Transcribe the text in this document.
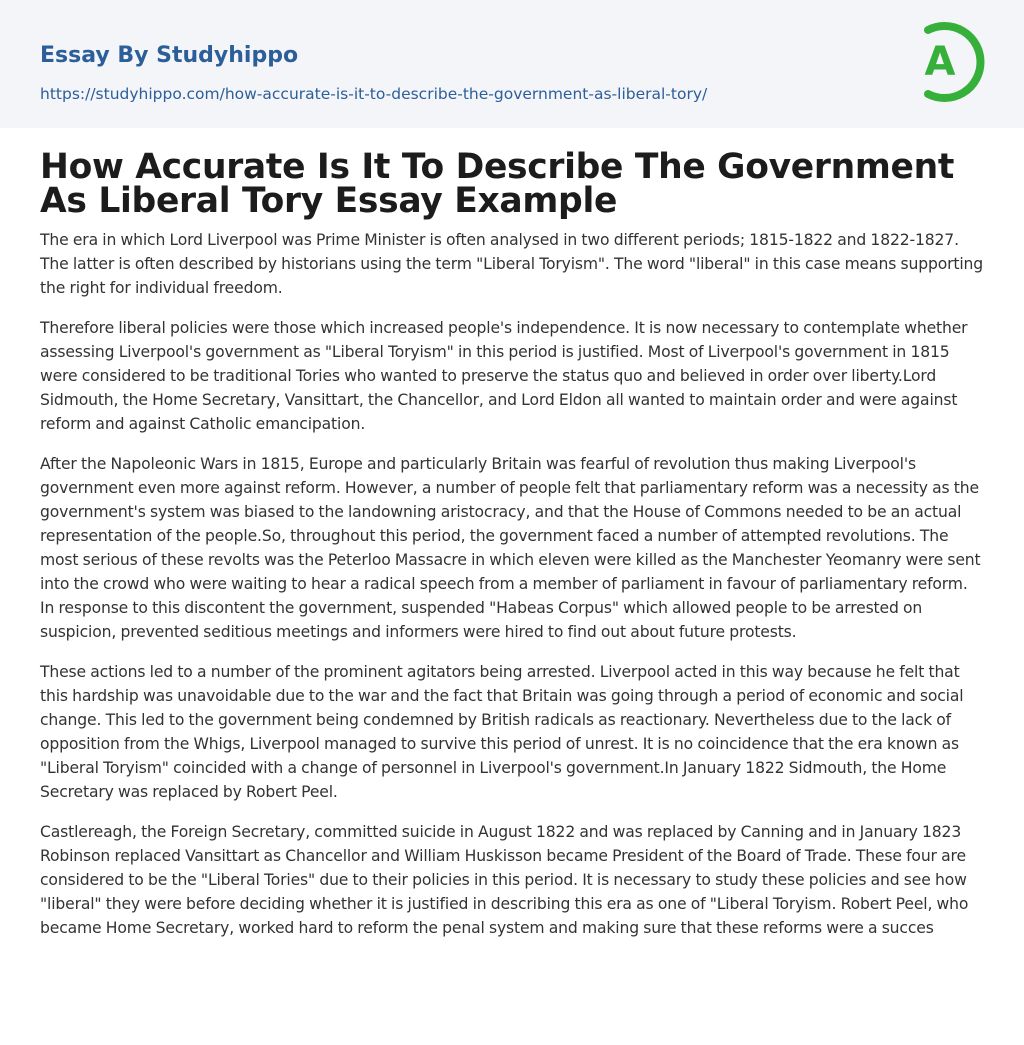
Essay By Studyhippo
https://studyhippo.com/how-accurate-is-it-to-describe-the-government-as-liberal-tory/
A
How Accurate Is It To Describe The Government As Liberal Tory Essay Example

The era in which Lord Liverpool was Prime Minister is often analysed in two different periods; 1815-1822 and 1822-1827. The latter is often described by historians using the term "Liberal Toryism". The word "liberal" in this case means supporting the right for individual freedom.

Therefore liberal policies were those which increased people's independence. It is now necessary to contemplate whether assessing Liverpool's government as "Liberal Toryism" in this period is justified. Most of Liverpool's government in 1815 were considered to be traditional Tories who wanted to preserve the status quo and believed in order over liberty.Lord Sidmouth, the Home Secretary, Vansittart, the Chancellor, and Lord Eldon all wanted to maintain order and were against reform and against Catholic emancipation.

After the Napoleonic Wars in 1815, Europe and particularly Britain was fearful of revolution thus making Liverpool's government even more against reform. However, a number of people felt that parliamentary reform was a necessity as the government's system was biased to the landowning aristocracy, and that the House of Commons needed to be an actual representation of the people.So, throughout this period, the government faced a number of attempted revolutions. The most serious of these revolts was the Peterloo Massacre in which eleven were killed as the Manchester Yeomanry were sent into the crowd who were waiting to hear a radical speech from a member of parliament in favour of parliamentary reform. In response to this discontent the government, suspended "Habeas Corpus" which allowed people to be arrested on suspicion, prevented seditious meetings and informers were hired to find out about future protests.

These actions led to a number of the prominent agitators being arrested. Liverpool acted in this way because he felt that this hardship was unavoidable due to the war and the fact that Britain was going through a period of economic and social change. This led to the government being condemned by British radicals as reactionary. Nevertheless due to the lack of opposition from the Whigs, Liverpool managed to survive this period of unrest. It is no coincidence that the era known as "Liberal Toryism" coincided with a change of personnel in Liverpool's government.In January 1822 Sidmouth, the Home Secretary was replaced by Robert Peel.

Castlereagh, the Foreign Secretary, committed suicide in August 1822 and was replaced by Canning and in January 1823 Robinson replaced Vansittart as Chancellor and William Huskisson became President of the Board of Trade. These four are considered to be the "Liberal Tories" due to their policies in this period. It is necessary to study these policies and see how "liberal" they were before deciding whether it is justified in describing this era as one of "Liberal Toryism. Robert Peel, who became Home Secretary, worked hard to reform the penal system and making sure that these reforms were a succes
